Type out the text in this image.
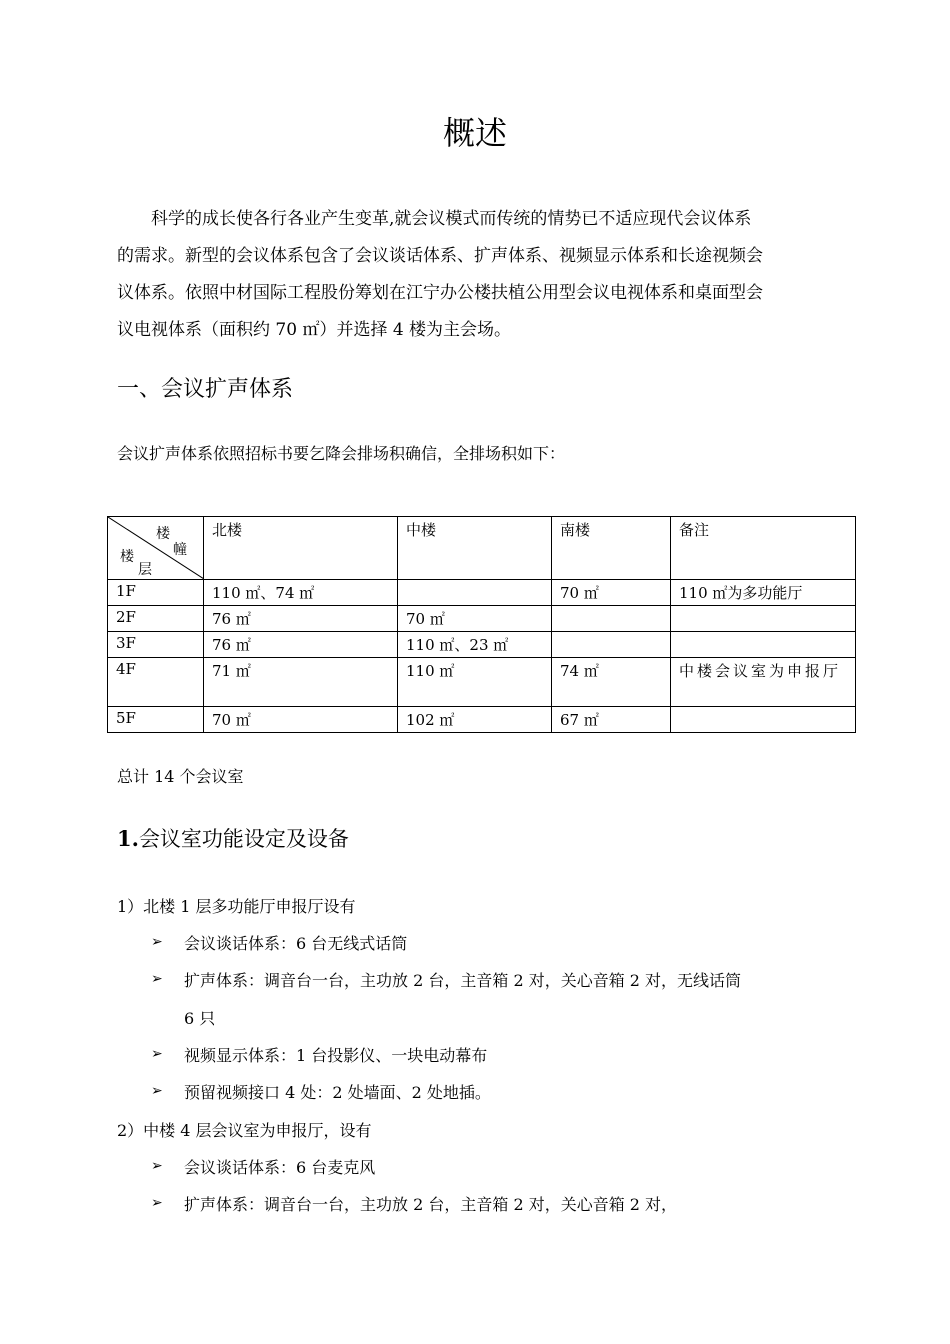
概述
科学的成长使各行各业产生变革,就会议模式而传统的情势已不适应现代会议体系
的需求。新型的会议体系包含了会议谈话体系、扩声体系、视频显示体系和长途视频会
议体系。依照中材国际工程股份筹划在江宁办公楼扶植公用型会议电视体系和桌面型会
议电视体系（面积约 70 ㎡）并选择 4 楼为主会场。
一、会议扩声体系
会议扩声体系依照招标书要乞降会排场积确信，全排场积如下：
楼
幢
楼
层	北楼	中楼	南楼	备注
1F	110 ㎡、74 ㎡		70 ㎡	110 ㎡为多功能厅
2F	76 ㎡	70 ㎡		
3F	76 ㎡	110 ㎡、23 ㎡		
4F	71 ㎡	110 ㎡	74 ㎡	中楼会议室为申报厅
5F	70 ㎡	102 ㎡	67 ㎡	
总计 14 个会议室
1.会议室功能设定及设备
1）北楼 1 层多功能厅申报厅设有
➢ 会议谈话体系：6 台无线式话筒
➢ 扩声体系：调音台一台，主功放 2 台，主音箱 2 对，关心音箱 2 对，无线话筒
6 只
➢ 视频显示体系：1 台投影仪、一块电动幕布
➢ 预留视频接口 4 处：2 处墙面、2 处地插。
2）中楼 4 层会议室为申报厅，设有
➢ 会议谈话体系：6 台麦克风
➢ 扩声体系：调音台一台，主功放 2 台，主音箱 2 对，关心音箱 2 对，
